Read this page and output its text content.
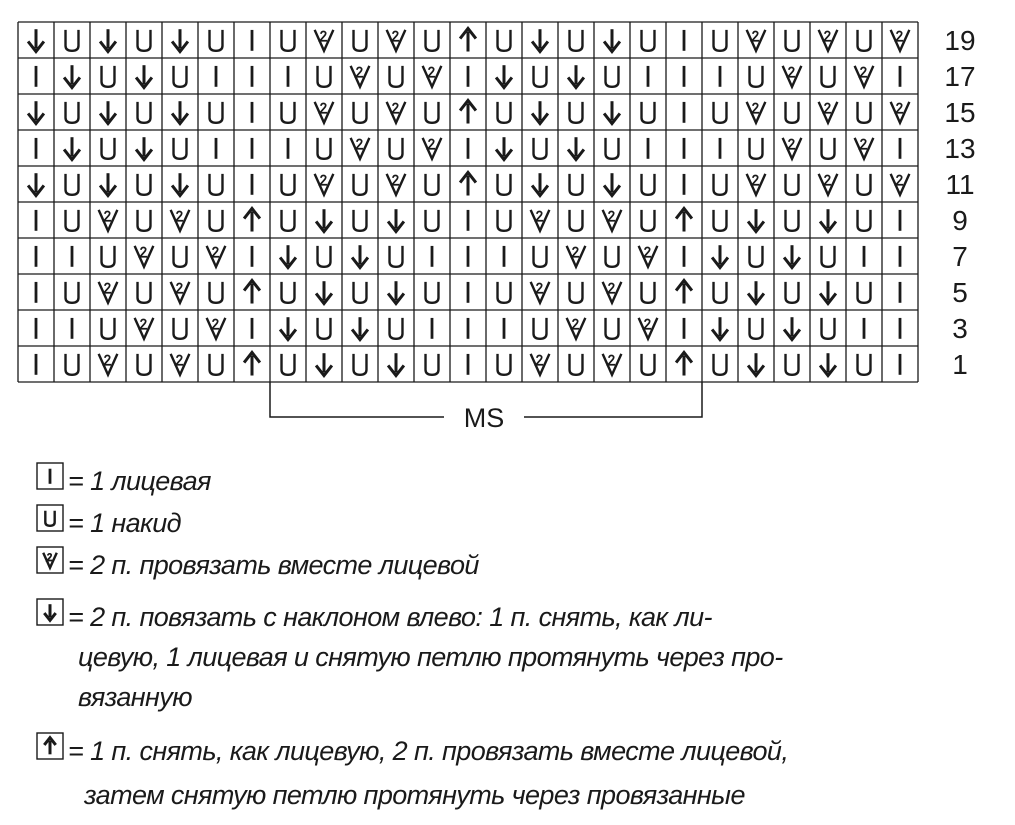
19
17
15
13
11
9
7
5
3
1
MS
= 1 лицевая
= 1 накид
= 2 п. провязать вместе лицевой
= 2 п. повязать с наклоном влево: 1 п. снять, как ли-
цевую, 1 лицевая и снятую петлю протянуть через про-
вязанную
= 1 п. снять, как лицевую, 2 п. провязать вместе лицевой,
затем снятую петлю протянуть через провязанные
